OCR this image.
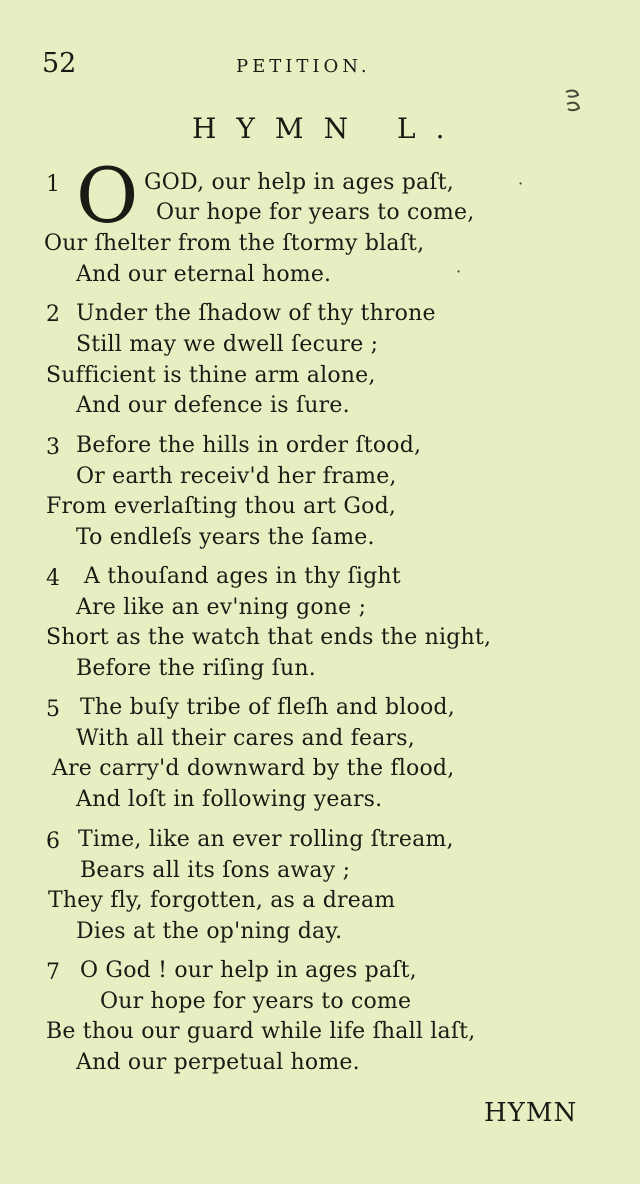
52	PETITION.
HYMN L.
1 O GOD, our help in ages paſt,
Our hope for years to come,
Our ſhelter from the ſtormy blaſt,
And our eternal home.
·
·
2 Under the ſhadow of thy throne
Still may we dwell ſecure ;
Sufficient is thine arm alone,
And our defence is ſure.
3 Before the hills in order ſtood,
Or earth receiv'd her frame,
From everlaſting thou art God,
To endleſs years the ſame.
4 A thouſand ages in thy ſight
Are like an ev'ning gone ;
Short as the watch that ends the night,
Before the riſing ſun.
5 The buſy tribe of fleſh and blood,
With all their cares and fears,
Are carry'd downward by the flood,
And loſt in following years.
6 Time, like an ever rolling ſtream,
Bears all its ſons away ;
They fly, forgotten, as a dream
Dies at the op'ning day.
7 O God ! our help in ages paſt,
Our hope for years to come
Be thou our guard while life ſhall laſt,
And our perpetual home.
HYMN
